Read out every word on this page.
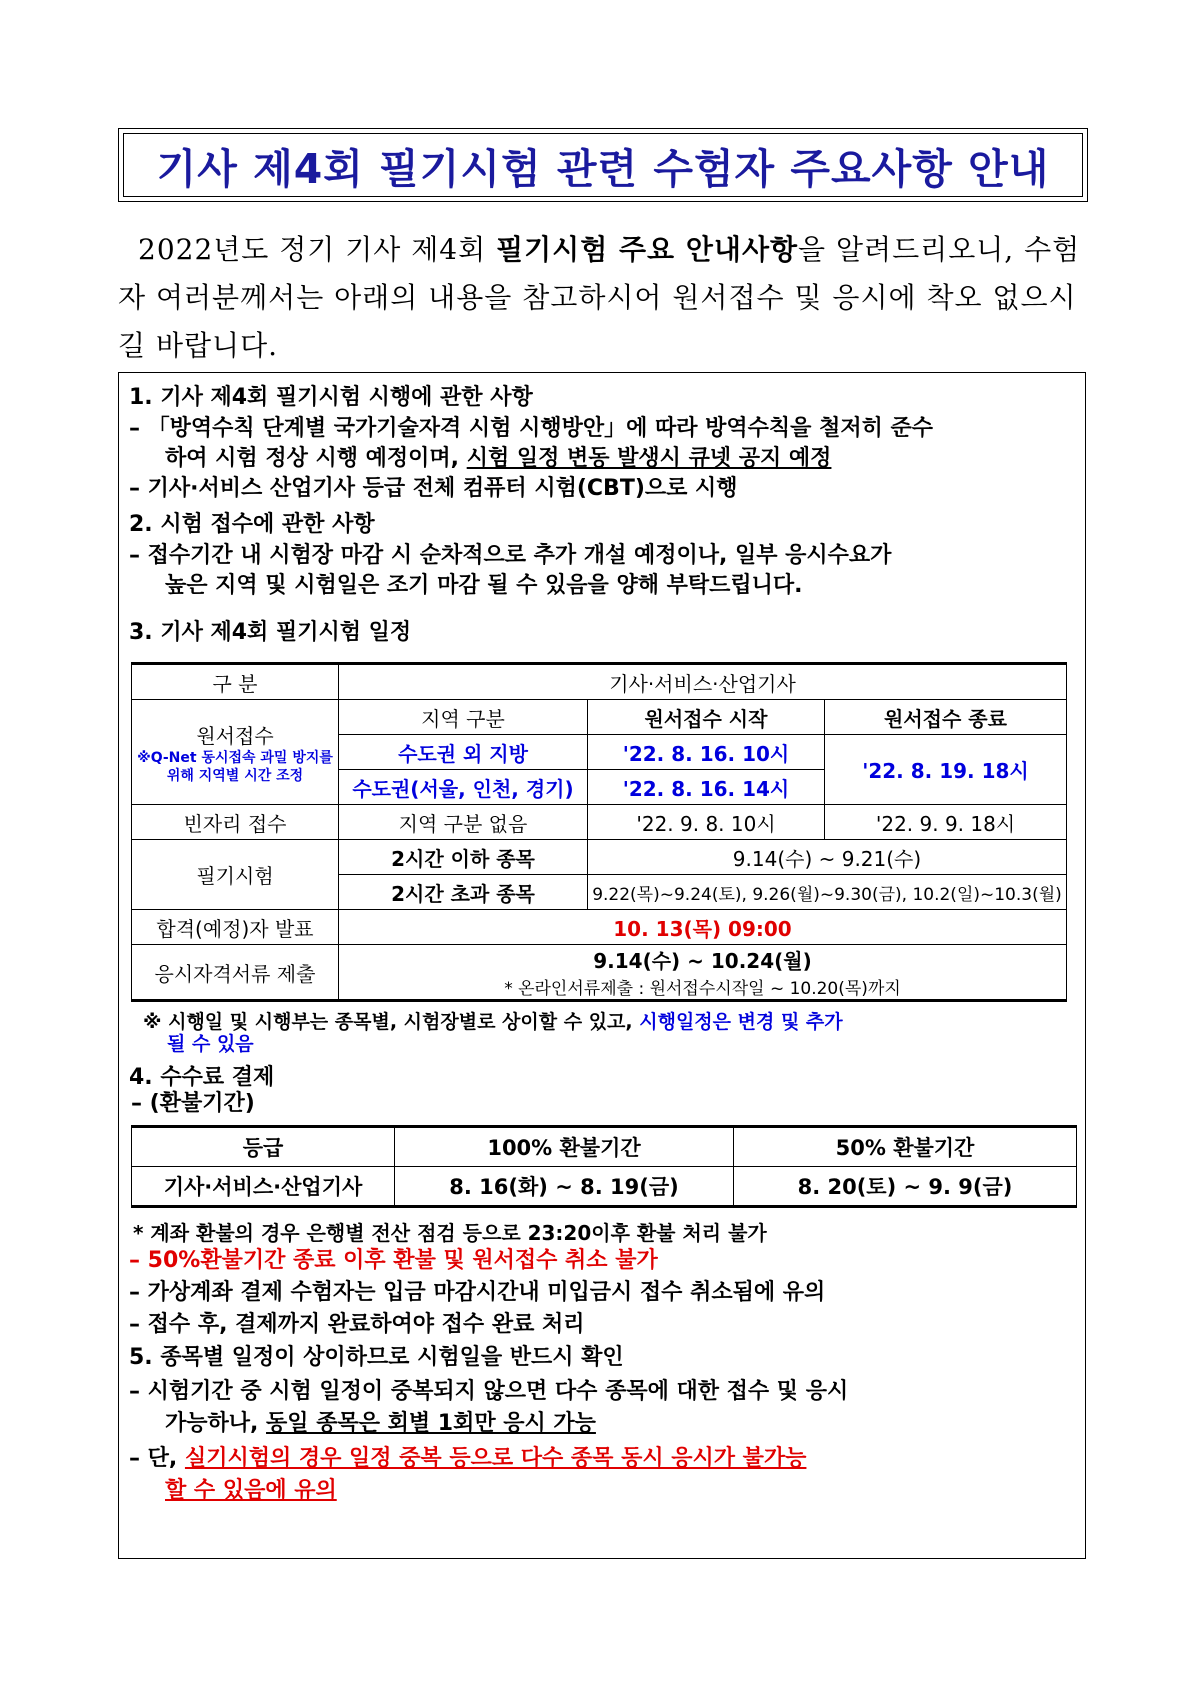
기사 제4회 필기시험 관련 수험자 주요사항 안내
2022년도 정기 기사 제4회 필기시험 주요 안내사항을 알려드리오니, 수험자 여러분께서는 아래의 내용을 참고하시어 원서접수 및 응시에 착오 없으시길 바랍니다.
1. 기사 제4회 필기시험 시행에 관한 사항
– 「방역수칙 단계별 국가기술자격 시험 시행방안」에 따라 방역수칙을 철저히 준수
하여 시험 정상 시행 예정이며, 시험 일정 변동 발생시 큐넷 공지 예정
– 기사·서비스 산업기사 등급 전체 컴퓨터 시험(CBT)으로 시행
2. 시험 접수에 관한 사항
– 접수기간 내 시험장 마감 시 순차적으로 추가 개설 예정이나, 일부 응시수요가
높은 지역 및 시험일은 조기 마감 될 수 있음을 양해 부탁드립니다.
3. 기사 제4회 필기시험 일정
구 분	기사·서비스·산업기사		

원서접수
※Q-Net 동시접속 과밀 방지를 위해 지역별 시간 조정	지역 구분	원서접수 시작	원서접수 종료
	수도권 외 지방	'22. 8. 16. 10시	'22. 8. 19. 18시
	수도권(서울, 인천, 경기)	'22. 8. 16. 14시	
빈자리 접수	지역 구분 없음	'22. 9. 8. 10시	'22. 9. 9. 18시
필기시험	2시간 이하 종목	9.14(수) ~ 9.21(수)	
	2시간 초과 종목	9.22(목)~9.24(토), 9.26(월)~9.30(금), 10.2(일)~10.3(월)	
합격(예정)자 발표	10. 13(목) 09:00		
응시자격서류 제출	9.14(수) ~ 10.24(월)
* 온라인서류제출 : 원서접수시작일 ~ 10.20(목)까지		
※ 시행일 및 시행부는 종목별, 시험장별로 상이할 수 있고, 시행일정은 변경 및 추가
될 수 있음
4. 수수료 결제
– (환불기간)
등급	100% 환불기간	50% 환불기간
기사·서비스·산업기사	8. 16(화) ~ 8. 19(금)	8. 20(토) ~ 9. 9(금)
* 계좌 환불의 경우 은행별 전산 점검 등으로 23:20이후 환불 처리 불가
– 50%환불기간 종료 이후 환불 및 원서접수 취소 불가
– 가상계좌 결제 수험자는 입금 마감시간내 미입금시 접수 취소됨에 유의
– 접수 후, 결제까지 완료하여야 접수 완료 처리
5. 종목별 일정이 상이하므로 시험일을 반드시 확인
– 시험기간 중 시험 일정이 중복되지 않으면 다수 종목에 대한 접수 및 응시
가능하나, 동일 종목은 회별 1회만 응시 가능
– 단, 실기시험의 경우 일정 중복 등으로 다수 종목 동시 응시가 불가능
할 수 있음에 유의
